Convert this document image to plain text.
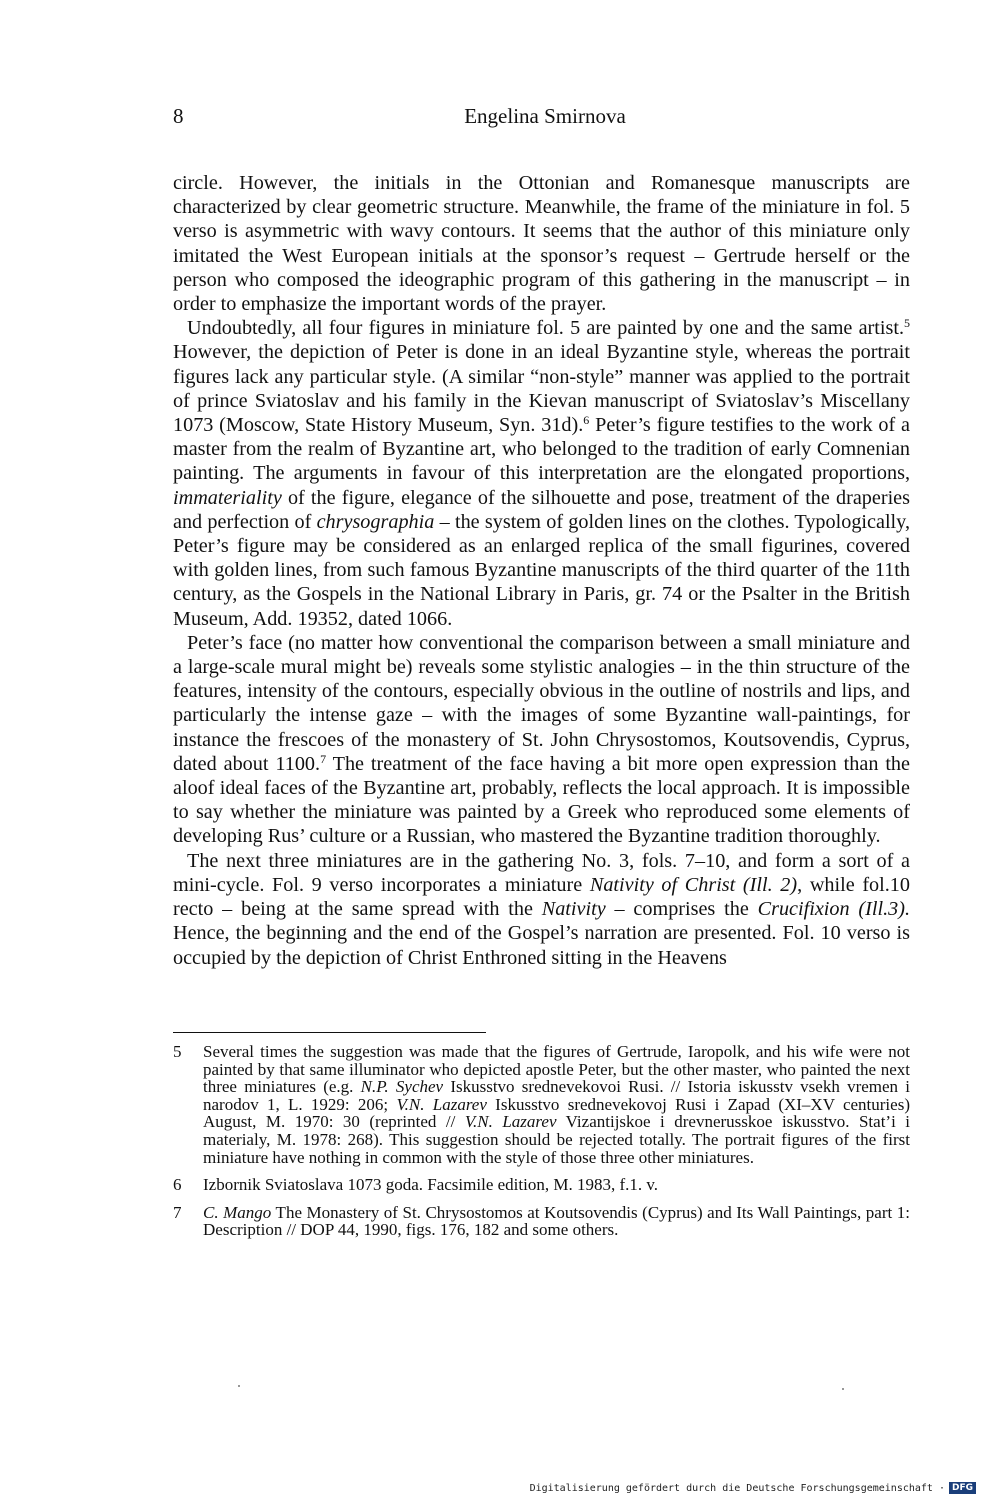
8	Engelina Smirnova

circle. However, the initials in the Ottonian and Romanesque manuscripts are characterized by clear geometric structure. Meanwhile, the frame of the miniature in fol. 5 verso is asymmetric with wavy contours. It seems that the author of this miniature only imitated the West European initials at the sponsor’s request – Gertrude herself or the person who composed the ideographic program of this gathering in the manuscript – in order to emphasize the important words of the prayer.

Undoubtedly, all four figures in miniature fol. 5 are painted by one and the same artist.$^5$ However, the depiction of Peter is done in an ideal Byzantine style, whereas the portrait figures lack any particular style. (A similar “non-style” manner was applied to the portrait of prince Sviatoslav and his family in the Kievan manuscript of Sviatoslav’s Miscellany 1073 (Moscow, State History Museum, Syn. 31d).$^6$ Peter’s figure testifies to the work of a master from the realm of Byzantine art, who belonged to the tradition of early Comnenian painting. The arguments in favour of this interpretation are the elongated proportions, immateriality of the figure, elegance of the silhouette and pose, treatment of the draperies and perfection of chrysographia – the system of golden lines on the clothes. Typologically, Peter’s figure may be considered as an enlarged replica of the small figurines, covered with golden lines, from such famous Byzantine manuscripts of the third quarter of the 11th century, as the Gospels in the National Library in Paris, gr. 74 or the Psalter in the British Museum, Add. 19352, dated 1066.

Peter’s face (no matter how conventional the comparison between a small miniature and a large-scale mural might be) reveals some stylistic analogies – in the thin structure of the features, intensity of the contours, especially obvious in the outline of nostrils and lips, and particularly the intense gaze – with the images of some Byzantine wall-paintings, for instance the frescoes of the monastery of St. John Chrysostomos, Koutsovendis, Cyprus, dated about 1100.$^7$ The treatment of the face having a bit more open expression than the aloof ideal faces of the Byzantine art, probably, reflects the local approach. It is impossible to say whether the miniature was painted by a Greek who reproduced some elements of developing Rus’ culture or a Russian, who mastered the Byzantine tradition thoroughly.

The next three miniatures are in the gathering No. 3, fols. 7–10, and form a sort of a mini-cycle. Fol. 9 verso incorporates a miniature Nativity of Christ (Ill. 2), while fol.10 recto – being at the same spread with the Nativity – comprises the Crucifixion (Ill.3). Hence, the beginning and the end of the Gospel’s narration are presented. Fol. 10 verso is occupied by the depiction of Christ Enthroned sitting in the Heavens

5	Several times the suggestion was made that the figures of Gertrude, Iaropolk, and his wife were not painted by that same illuminator who depicted apostle Peter, but the other master, who painted the next three miniatures (e.g. N.P. Sychev Iskusstvo srednevekovoi Rusi. // Istoria iskusstv vsekh vremen i narodov 1, L. 1929: 206; V.N. Lazarev Iskusstvo srednevekovoj Rusi i Zapad (XI–XV centuries) August, M. 1970: 30 (reprinted // V.N. Lazarev Vizantijskoe i drevnerusskoe iskusstvo. Stat’i i materialy, M. 1978: 268). This suggestion should be rejected totally. The portrait figures of the first miniature have nothing in common with the style of those three other miniatures.
6	Izbornik Sviatoslava 1073 goda. Facsimile edition, M. 1983, f.1. v.
7	C. Mango The Monastery of St. Chrysostomos at Koutsovendis (Cyprus) and Its Wall Paintings, part 1: Description // DOP 44, 1990, figs. 176, 182 and some others.
Digitalisierung gefördert durch die Deutsche Forschungsgemeinschaft · DFG
